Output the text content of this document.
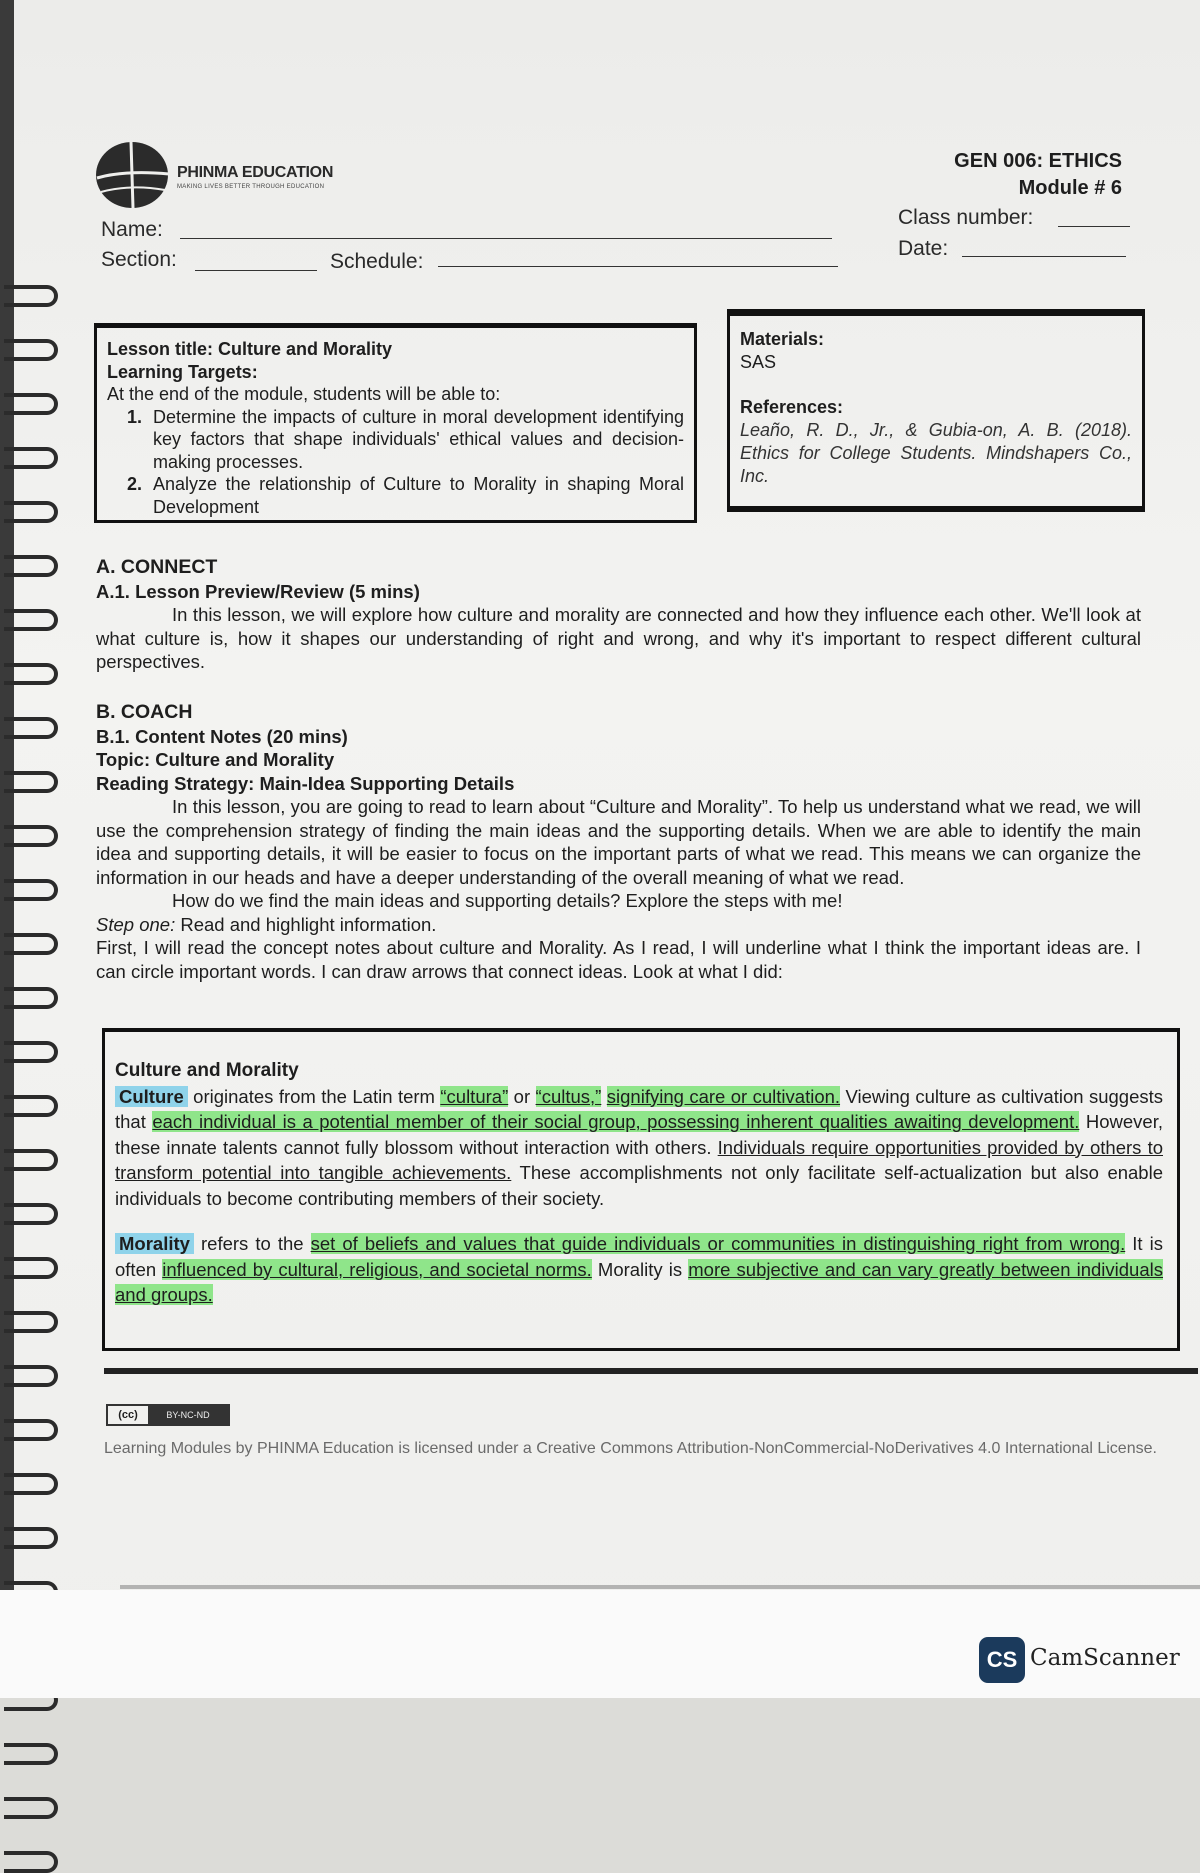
PHINMA EDUCATION
MAKING LIVES BETTER THROUGH EDUCATION
GEN 006: ETHICS
Module # 6
Name:
Section:	Schedule:
Class number:
Date:
Lesson title: Culture and Morality
Learning Targets:
At the end of the module, students will be able to:
1. Determine the impacts of culture in moral development identifying key factors that shape individuals' ethical values and decision-making processes.
2. Analyze the relationship of Culture to Morality in shaping Moral Development
Materials:
SAS
References:
Leaño, R. D., Jr., & Gubia-on, A. B. (2018). Ethics for College Students. Mindshapers Co., Inc.
A. CONNECT
A.1. Lesson Preview/Review (5 mins)
In this lesson, we will explore how culture and morality are connected and how they influence each other. We'll look at what culture is, how it shapes our understanding of right and wrong, and why it's important to respect different cultural perspectives.
B. COACH
B.1. Content Notes (20 mins)
Topic: Culture and Morality
Reading Strategy: Main-Idea Supporting Details
In this lesson, you are going to read to learn about “Culture and Morality”. To help us understand what we read, we will use the comprehension strategy of finding the main ideas and the supporting details. When we are able to identify the main idea and supporting details, it will be easier to focus on the important parts of what we read. This means we can organize the information in our heads and have a deeper understanding of the overall meaning of what we read.
How do we find the main ideas and supporting details? Explore the steps with me!
Step one: Read and highlight information.
First, I will read the concept notes about culture and Morality. As I read, I will underline what I think the important ideas are. I can circle important words. I can draw arrows that connect ideas. Look at what I did:
Culture and Morality
Culture originates from the Latin term “cultura” or “cultus,” signifying care or cultivation. Viewing culture as cultivation suggests that each individual is a potential member of their social group, possessing inherent qualities awaiting development. However, these innate talents cannot fully blossom without interaction with others. Individuals require opportunities provided by others to transform potential into tangible achievements. These accomplishments not only facilitate self-actualization but also enable individuals to become contributing members of their society.
Morality refers to the set of beliefs and values that guide individuals or communities in distinguishing right from wrong. It is often influenced by cultural, religious, and societal norms. Morality is more subjective and can vary greatly between individuals and groups.
(cc)	BY-NC-ND
Learning Modules by PHINMA Education is licensed under a Creative Commons Attribution-NonCommercial-NoDerivatives 4.0 International License.
CS CamScanner
